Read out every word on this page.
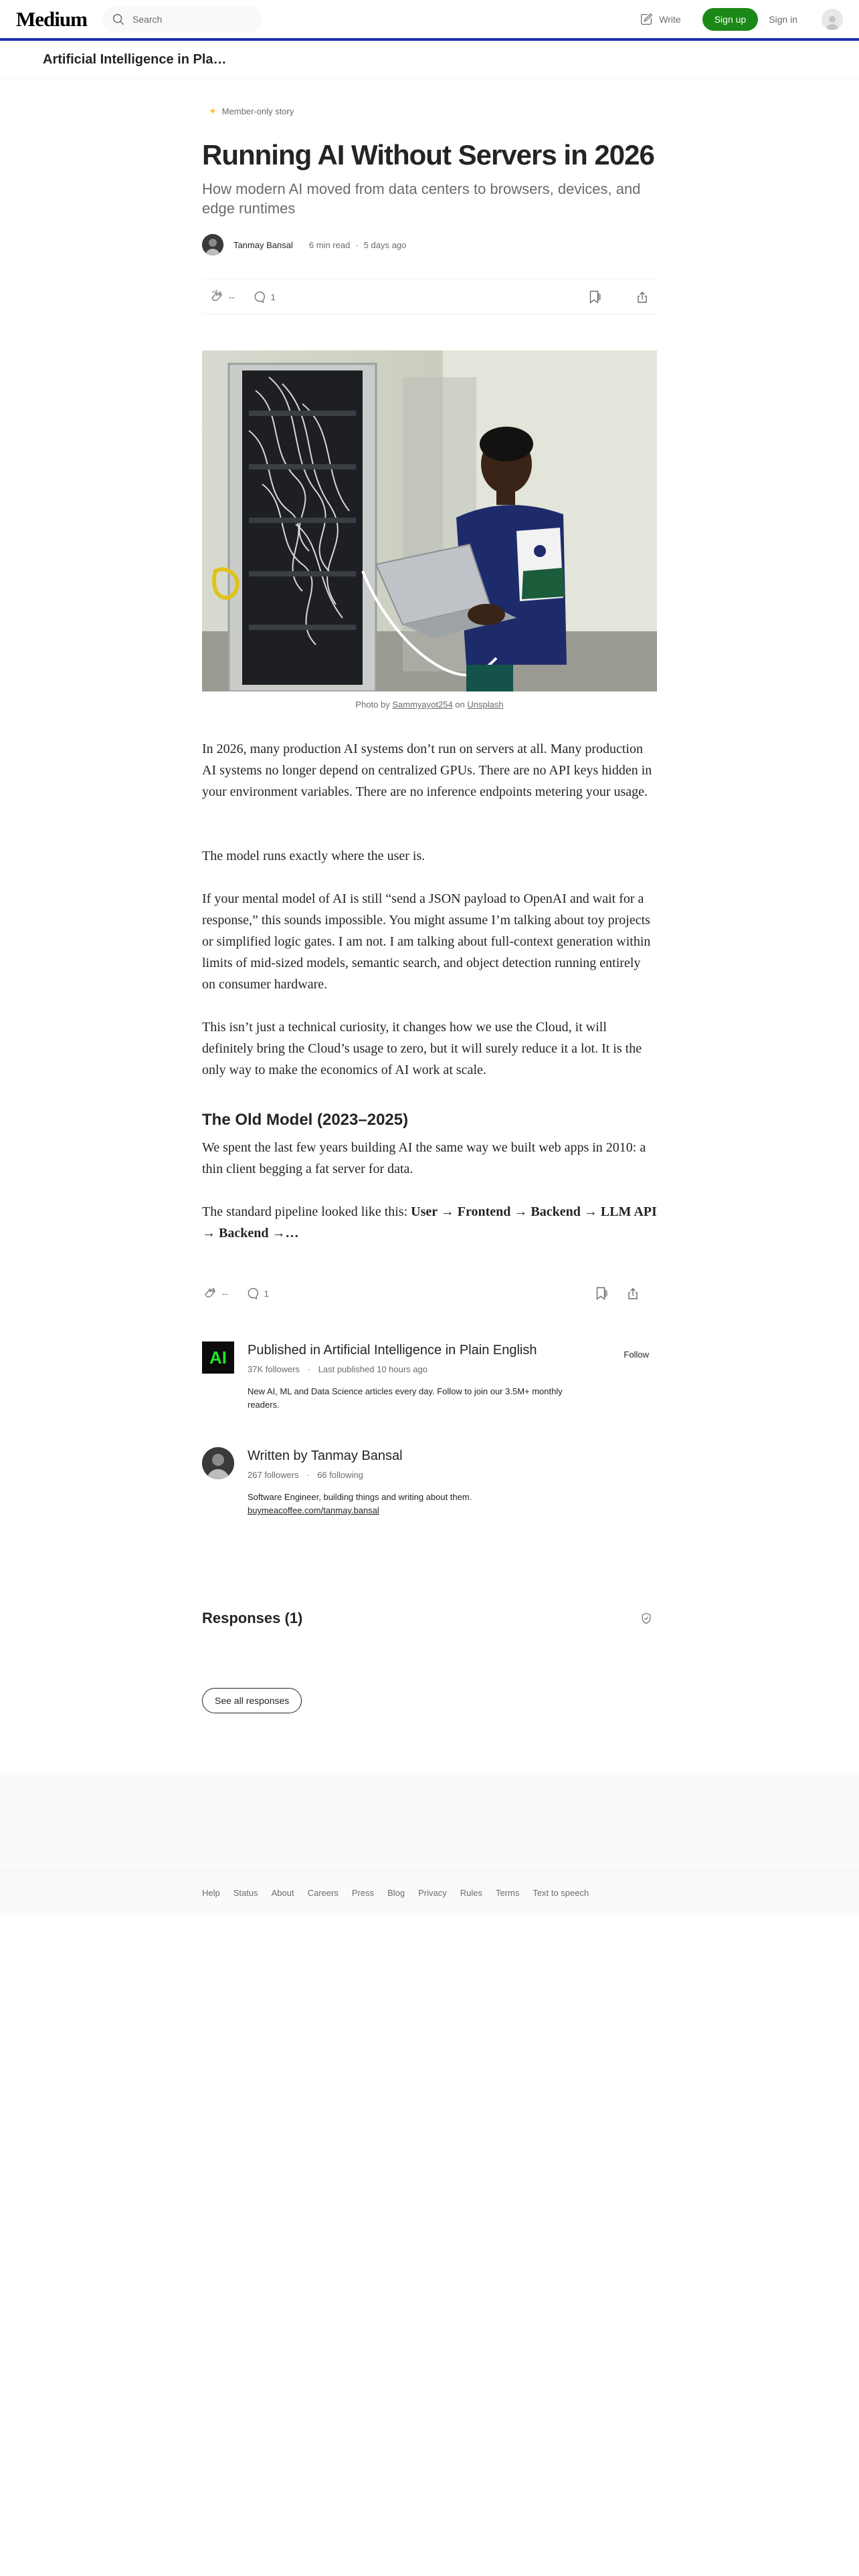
Medium
Search	Write	Sign up	Sign in
Artificial Intelligence in Pla…
✦ Member-only story
Running AI Without Servers in 2026
How modern AI moved from data centers to browsers, devices, and edge runtimes
Tanmay Bansal 6 min read · 5 days ago
--	1
Photo by Sammyayot254 on Unsplash

In 2026, many production AI systems don’t run on servers at all. Many production AI systems no longer depend on centralized GPUs. There are no API keys hidden in your environment variables. There are no inference endpoints metering your usage.

The model runs exactly where the user is.

If your mental model of AI is still “send a JSON payload to OpenAI and wait for a response,” this sounds impossible. You might assume I’m talking about toy projects or simplified logic gates. I am not. I am talking about full-context generation within limits of mid-sized models, semantic search, and object detection running entirely on consumer hardware.

This isn’t just a technical curiosity, it changes how we use the Cloud, it will definitely bring the Cloud’s usage to zero, but it will surely reduce it a lot. It is the only way to make the economics of AI work at scale.

The Old Model (2023–2025)

We spent the last few years building AI the same way we built web apps in 2010: a thin client begging a fat server for data.

The standard pipeline looked like this: User → Frontend → Backend → LLM API → Backend →…

--	1
AI	Published in Artificial Intelligence in Plain English
37K followers · Last published 10 hours ago
New AI, ML and Data Science articles every day. Follow to join our 3.5M+ monthly readers.
Follow
Written by Tanmay Bansal
267 followers · 66 following
Software Engineer, building things and writing about them.
buymeacoffee.com/tanmay.bansal
Responses (1)
See all responses
Help Status About Careers Press Blog Privacy Rules Terms Text to speech
